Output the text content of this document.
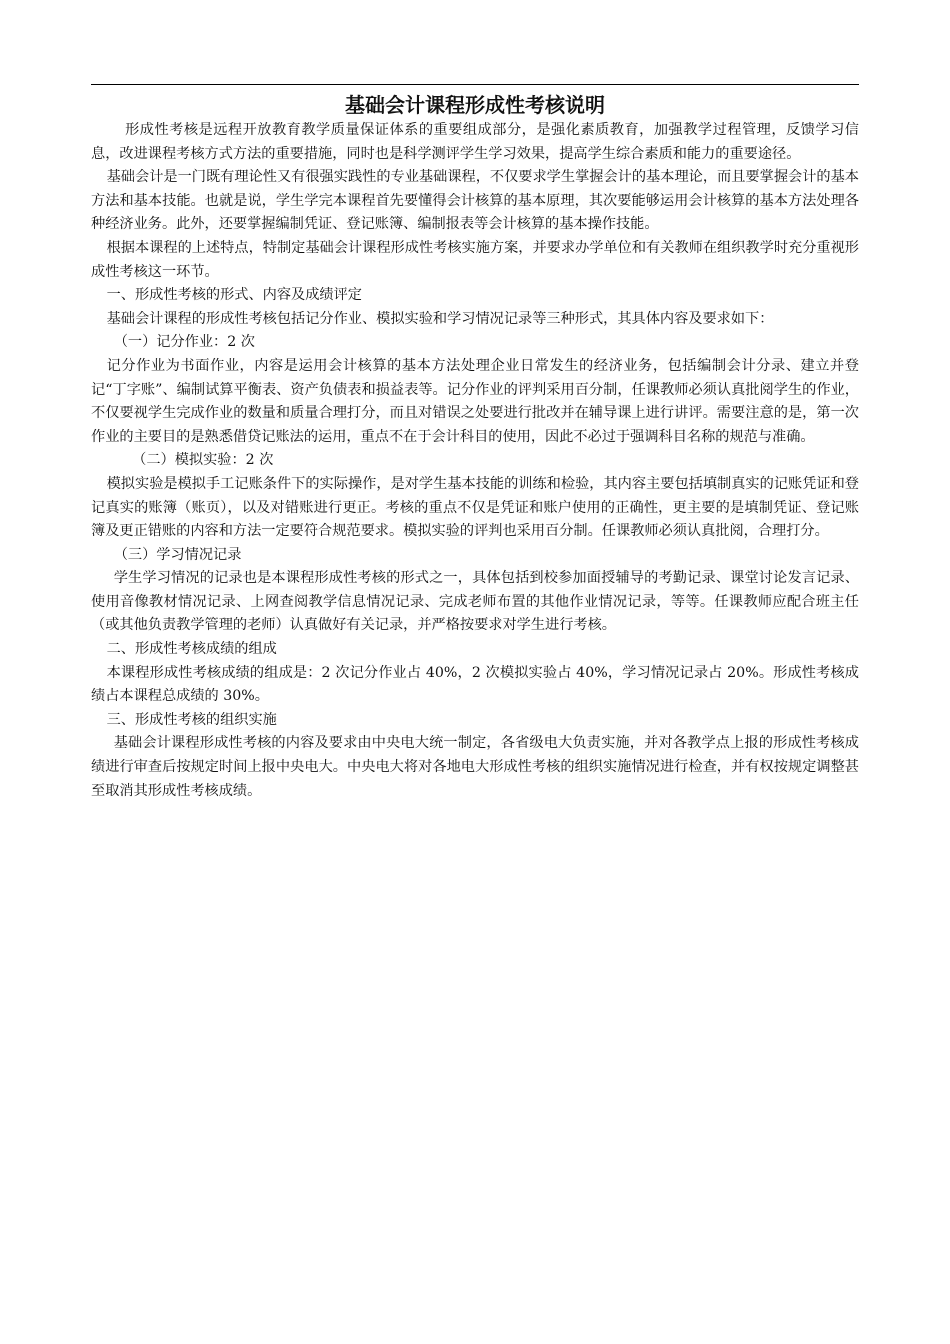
基础会计课程形成性考核说明

形成性考核是远程开放教育教学质量保证体系的重要组成部分，是强化素质教育，加强教学过程管理，反馈学习信息，改进课程考核方式方法的重要措施，同时也是科学测评学生学习效果，提高学生综合素质和能力的重要途径。

基础会计是一门既有理论性又有很强实践性的专业基础课程，不仅要求学生掌握会计的基本理论，而且要掌握会计的基本方法和基本技能。也就是说，学生学完本课程首先要懂得会计核算的基本原理，其次要能够运用会计核算的基本方法处理各种经济业务。此外，还要掌握编制凭证、登记账簿、编制报表等会计核算的基本操作技能。

根据本课程的上述特点，特制定基础会计课程形成性考核实施方案，并要求办学单位和有关教师在组织教学时充分重视形成性考核这一环节。

一、形成性考核的形式、内容及成绩评定

基础会计课程的形成性考核包括记分作业、模拟实验和学习情况记录等三种形式，其具体内容及要求如下：

（一）记分作业：2 次

记分作业为书面作业，内容是运用会计核算的基本方法处理企业日常发生的经济业务，包括编制会计分录、建立并登记“丁字账”、编制试算平衡表、资产负债表和损益表等。记分作业的评判采用百分制，任课教师必须认真批阅学生的作业，不仅要视学生完成作业的数量和质量合理打分，而且对错误之处要进行批改并在辅导课上进行讲评。需要注意的是，第一次作业的主要目的是熟悉借贷记账法的运用，重点不在于会计科目的使用，因此不必过于强调科目名称的规范与准确。

（二）模拟实验：2 次

模拟实验是模拟手工记账条件下的实际操作，是对学生基本技能的训练和检验，其内容主要包括填制真实的记账凭证和登记真实的账簿（账页），以及对错账进行更正。考核的重点不仅是凭证和账户使用的正确性，更主要的是填制凭证、登记账簿及更正错账的内容和方法一定要符合规范要求。模拟实验的评判也采用百分制。任课教师必须认真批阅，合理打分。

（三）学习情况记录

学生学习情况的记录也是本课程形成性考核的形式之一，具体包括到校参加面授辅导的考勤记录、课堂讨论发言记录、使用音像教材情况记录、上网查阅教学信息情况记录、完成老师布置的其他作业情况记录，等等。任课教师应配合班主任（或其他负责教学管理的老师）认真做好有关记录，并严格按要求对学生进行考核。

二、形成性考核成绩的组成

本课程形成性考核成绩的组成是：2 次记分作业占 40%，2 次模拟实验占 40%，学习情况记录占 20%。形成性考核成绩占本课程总成绩的 30%。

三、形成性考核的组织实施

基础会计课程形成性考核的内容及要求由中央电大统一制定，各省级电大负责实施，并对各教学点上报的形成性考核成绩进行审查后按规定时间上报中央电大。中央电大将对各地电大形成性考核的组织实施情况进行检查，并有权按规定调整甚至取消其形成性考核成绩。
